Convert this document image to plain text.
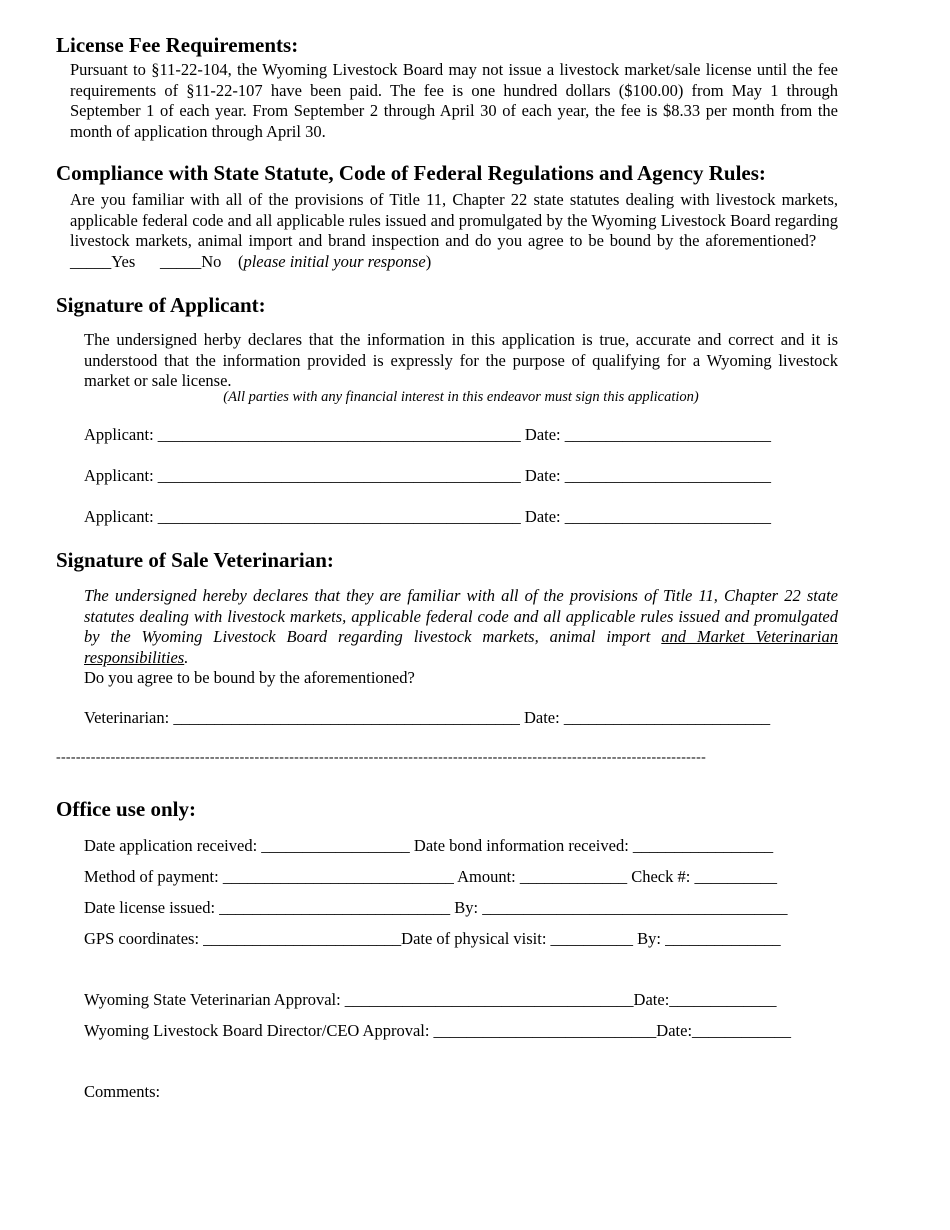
License Fee Requirements:

Pursuant to §11-22-104, the Wyoming Livestock Board may not issue a livestock market/sale license until the fee requirements of §11-22-107 have been paid. The fee is one hundred dollars ($100.00) from May 1 through September 1 of each year. From September 2 through April 30 of each year, the fee is $8.33 per month from the month of application through April 30.

Compliance with State Statute, Code of Federal Regulations and Agency Rules:

Are you familiar with all of the provisions of Title 11, Chapter 22 state statutes dealing with livestock markets, applicable federal code and all applicable rules issued and promulgated by the Wyoming Livestock Board regarding livestock markets, animal import and brand inspection and do you agree to be bound by the aforementioned?     _____Yes _____No (please initial your response)

Signature of Applicant:

The undersigned herby declares that the information in this application is true, accurate and correct and it is understood that the information provided is expressly for the purpose of qualifying for a Wyoming livestock market or sale license.

(All parties with any financial interest in this endeavor must sign this application)
Applicant: ____________________________________________ Date: _________________________
Applicant: ____________________________________________ Date: _________________________
Applicant: ____________________________________________ Date: _________________________
Signature of Sale Veterinarian:

The undersigned hereby declares that they are familiar with all of the provisions of Title 11, Chapter 22 state statutes dealing with livestock markets, applicable federal code and all applicable rules issued and promulgated by the Wyoming Livestock Board regarding livestock markets, animal import and Market Veterinarian responsibilities.

Do you agree to be bound by the aforementioned?
Veterinarian: __________________________________________ Date: _________________________
-----------------------------------------------------------------------------------------------------------------------------------
Office use only:
Date application received: __________________ Date bond information received: _________________
Method of payment: ____________________________ Amount: _____________ Check #: __________
Date license issued: ____________________________ By: _____________________________________
GPS coordinates: ________________________Date of physical visit: __________ By: ______________
Wyoming State Veterinarian Approval: ___________________________________Date:_____________
Wyoming Livestock Board Director/CEO Approval: ___________________________Date:____________
Comments:
